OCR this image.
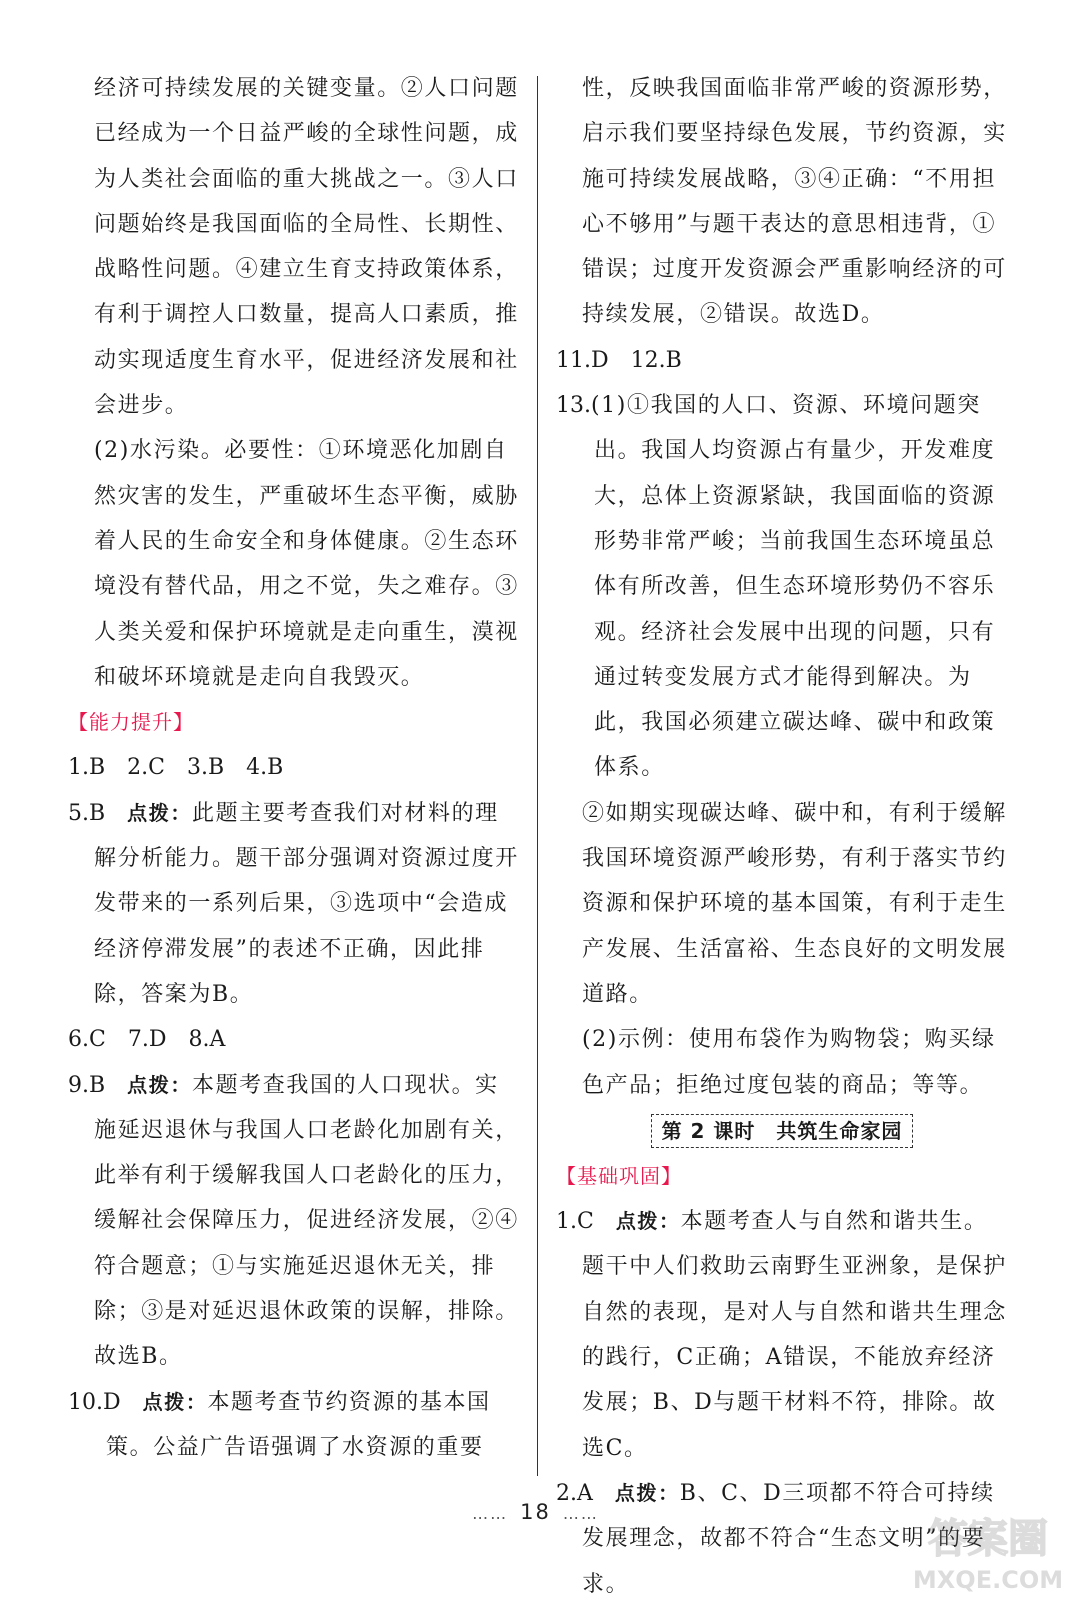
经济可持续发展的关键变量。②人口问题已经成为一个日益严峻的全球性问题，成为人类社会面临的重大挑战之一。③人口问题始终是我国面临的全局性、长期性、战略性问题。④建立生育支持政策体系，有利于调控人口数量，提高人口素质，推动实现适度生育水平，促进经济发展和社会进步。

(2)水污染。必要性：①环境恶化加剧自然灾害的发生，严重破坏生态平衡，威胁着人民的生命安全和身体健康。②生态环境没有替代品，用之不觉，失之难存。③人类关爱和保护环境就是走向重生，漠视和破坏环境就是走向自我毁灭。

【能力提升】

1.B　2.C　3.B　4.B

5.B　点拨：此题主要考查我们对材料的理解分析能力。题干部分强调对资源过度开发带来的一系列后果，③选项中“会造成经济停滞发展”的表述不正确，因此排除，答案为B。

6.C　7.D　8.A

9.B　点拨：本题考查我国的人口现状。实施延迟退休与我国人口老龄化加剧有关，此举有利于缓解我国人口老龄化的压力，缓解社会保障压力，促进经济发展，②④符合题意；①与实施延迟退休无关，排除；③是对延迟退休政策的误解，排除。故选B。

10.D　点拨：本题考查节约资源的基本国策。公益广告语强调了水资源的重要

性，反映我国面临非常严峻的资源形势，启示我们要坚持绿色发展，节约资源，实施可持续发展战略，③④正确：“不用担心不够用”与题干表达的意思相违背，①错误；过度开发资源会严重影响经济的可持续发展，②错误。故选D。

11.D　12.B

13.(1)①我国的人口、资源、环境问题突出。我国人均资源占有量少，开发难度大，总体上资源紧缺，我国面临的资源形势非常严峻；当前我国生态环境虽总体有所改善，但生态环境形势仍不容乐观。经济社会发展中出现的问题，只有通过转变发展方式才能得到解决。为此，我国必须建立碳达峰、碳中和政策体系。

②如期实现碳达峰、碳中和，有利于缓解我国环境资源严峻形势，有利于落实节约资源和保护环境的基本国策，有利于走生产发展、生活富裕、生态良好的文明发展道路。

(2)示例：使用布袋作为购物袋；购买绿色产品；拒绝过度包装的商品；等等。

第 2 课时　共筑生命家园

【基础巩固】

1.C　点拨：本题考查人与自然和谐共生。题干中人们救助云南野生亚洲象，是保护自然的表现，是对人与自然和谐共生理念的践行，C正确；A错误，不能放弃经济发展；B、D与题干材料不符，排除。故选C。

2.A　点拨：B、C、D三项都不符合可持续发展理念，故都不符合“生态文明”的要求。

…… 18 ……
答案圈
MXQE.COM
